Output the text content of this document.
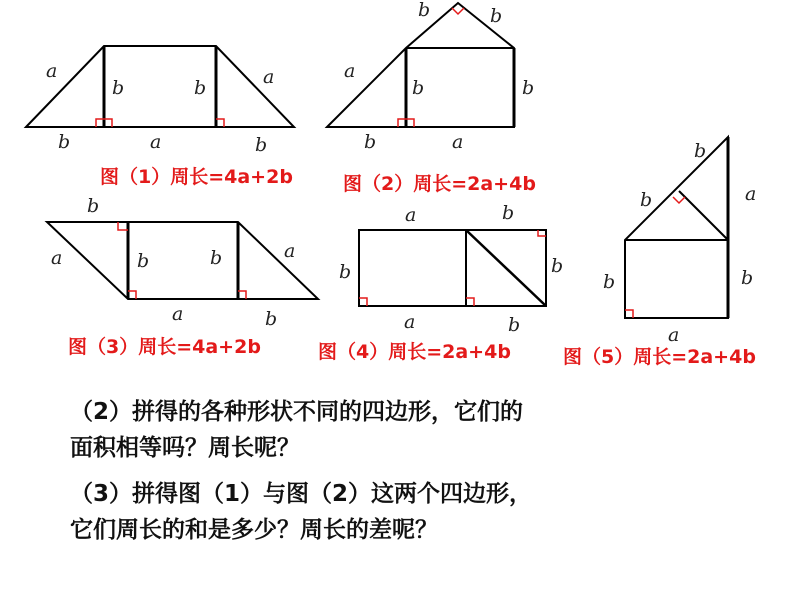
a
b	b	a
b	a	b
图（1）周长=4a+2b
b	b
a
b	b
b	a
图（2）周长=2a+4b
b
a	b	b	a
a	b
图（3）周长=4a+2b
a	b
b	b
a	b
图（4）周长=2a+4b
b
b	a
b	b
a
图（5）周长=2a+4b
（2）拼得的各种形状不同的四边形，它们的
面积相等吗？周长呢？
（3）拼得图（1）与图（2）这两个四边形，
它们周长的和是多少？周长的差呢？
